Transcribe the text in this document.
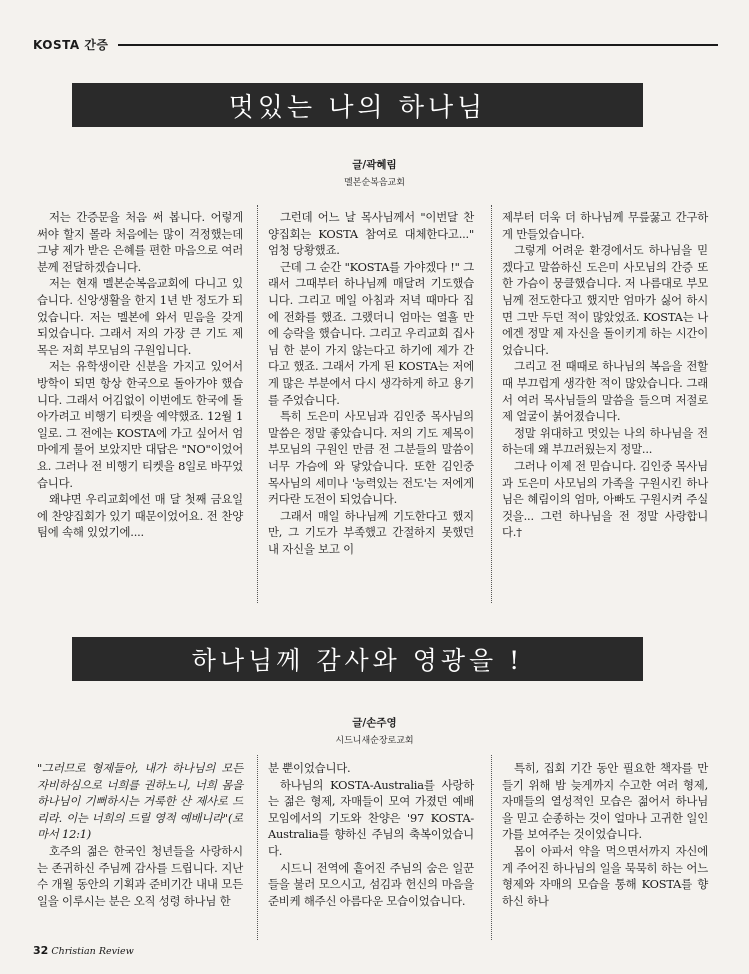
KOSTA 간증
멋있는 나의 하나님
글/곽혜림
멜본순복음교회

저는 간증문을 처음 써 봅니다. 어렇게 써야 할지 몰라 처음에는 많이 걱정했는데 그냥 제가 받은 은혜를 편한 마음으로 여러분께 전달하겠습니다.

저는 현재 멜본순복음교회에 다니고 있습니다. 신앙생활을 한지 1년 반 정도가 되었습니다. 저는 멜본에 와서 믿음을 갖게 되었습니다. 그래서 저의 가장 큰 기도 제목은 저희 부모님의 구원입니다.

저는 유학생이란 신분을 가지고 있어서 방학이 되면 항상 한국으로 돌아가야 했습니다. 그래서 어김없이 이번에도 한국에 돌아가려고 비행기 티켓을 예약했죠. 12월 1일로. 그 전에는 KOSTA에 가고 싶어서 엄마에게 물어 보았지만 대답은 "NO"이었어요. 그러나 전 비행기 티켓을 8일로 바꾸었습니다.

왜냐면 우리교회에선 매 달 첫째 금요일에 찬양집회가 있기 때문이었어요. 전 찬양팀에 속해 있었기에....

그런데 어느 날 목사님께서 "이번달 찬양집회는 KOSTA 참여로 대체한다고..." 엄청 당황했죠.

근데 그 순간 "KOSTA를 가야겠다 !" 그래서 그때부터 하나님께 매달려 기도했습니다. 그리고 메일 아침과 저녁 때마다 집에 전화를 했죠. 그랬더니 엄마는 열흘 만에 승락을 했습니다. 그리고 우리교회 집사님 한 분이 가지 않는다고 하기에 제가 간다고 했죠. 그래서 가게 된 KOSTA는 저에게 많은 부분에서 다시 생각하게 하고 용기를 주었습니다.

특히 도은미 사모님과 김인중 목사님의 말씀은 정말 좋았습니다. 저의 기도 제목이 부모님의 구원인 만큼 전 그분들의 말씀이 너무 가슴에 와 닿았습니다. 또한 김인중 목사님의 세미나 '능력있는 전도'는 저에게 커다란 도전이 되었습니다.

그래서 매일 하나님께 기도한다고 했지만, 그 기도가 부족했고 간절하지 못했던 내 자신을 보고 이

제부터 더욱 더 하나님께 무릎꿇고 간구하게 만들었습니다.

그렇게 어려운 환경에서도 하나님을 믿겠다고 말씀하신 도은미 사모님의 간증 또한 가슴이 뭉클했습니다. 저 나름대로 부모님께 전도한다고 했지만 엄마가 싫어 하시면 그만 두던 적이 많았었죠. KOSTA는 나에겐 정말 제 자신을 돌이키게 하는 시간이었습니다.

그리고 전 때때로 하나님의 복음을 전할 때 부끄럽게 생각한 적이 많았습니다. 그래서 여러 목사님들의 말씀을 들으며 저절로 제 얼굴이 붉어졌습니다.

정말 위대하고 멋있는 나의 하나님을 전하는데 왜 부끄러웠는지 정말...

그러나 이제 전 믿습니다. 김인중 목사님과 도은미 사모님의 가족을 구원시킨 하나님은 혜림이의 엄마, 아빠도 구원시켜 주실 것을... 그런 하나님을 전 정말 사랑합니다.†

하나님께 감사와 영광을 !
글/손주영
시드니새순장로교회

"그러므로 형제들아, 내가 하나님의 모든 자비하심으로 너희를 권하노니, 너희 몸을 하나님이 기뻐하시는 거룩한 산 제사로 드리라. 이는 너희의 드릴 영적 예배니라"(로마서 12:1)

호주의 젊은 한국인 청년들을 사랑하시는 존귀하신 주님께 감사를 드립니다. 지난 수 개월 동안의 기획과 준비기간 내내 모든 일을 이루시는 분은 오직 성령 하나님 한

분 뿐이었습니다.

하나님의 KOSTA-Australia를 사랑하는 젊은 형제, 자매들이 모여 가졌던 예배 모임에서의 기도와 찬양은 '97 KOSTA-Australia를 향하신 주님의 축복이었습니다.

시드니 전역에 흩어진 주님의 숨은 일꾼들을 불러 모으시고, 섬김과 헌신의 마음을 준비케 해주신 아름다운 모습이었습니다.

특히, 집회 기간 동안 필요한 책자를 만들기 위해 밤 늦게까지 수고한 여러 형제, 자매들의 열성적인 모습은 젊어서 하나님을 믿고 순종하는 것이 얼마나 고귀한 일인가를 보여주는 것이었습니다.

몸이 아파서 약을 먹으면서까지 자신에게 주어진 하나님의 일을 묵묵히 하는 어느 형제와 자매의 모습을 통해 KOSTA를 향하신 하나

32 Christian Review
